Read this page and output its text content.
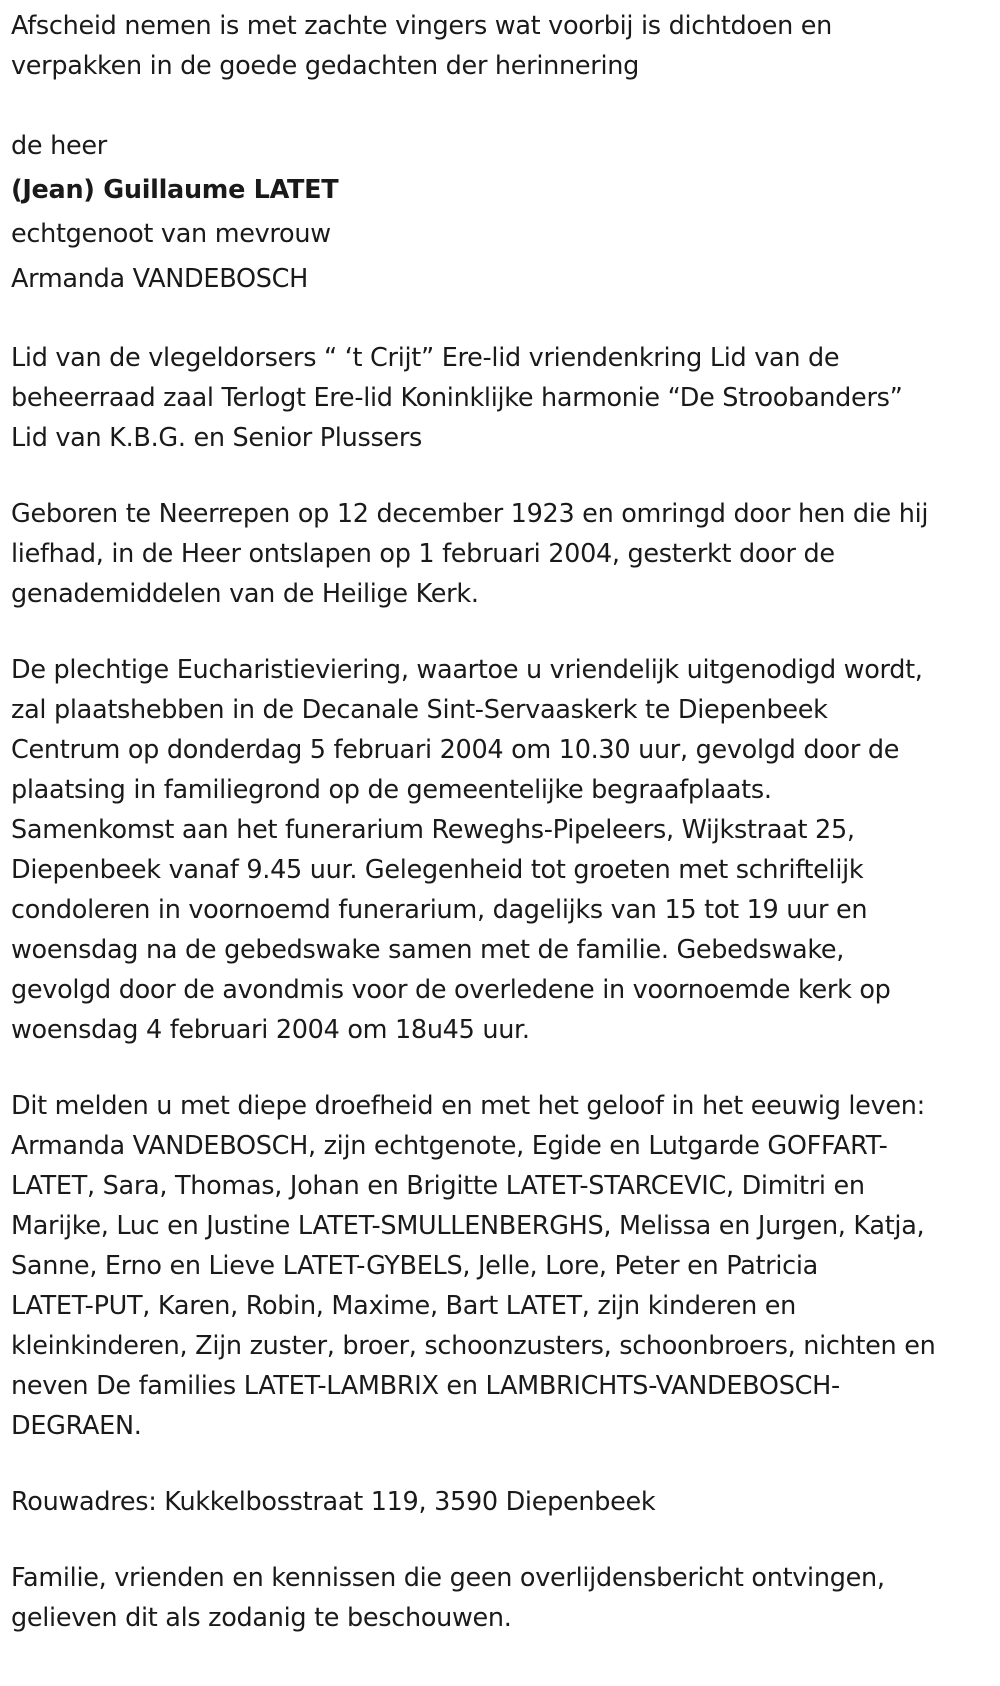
Afscheid nemen is met zachte vingers wat voorbij is dichtdoen en
verpakken in de goede gedachten der herinnering

de heer

(Jean) Guillaume LATET

echtgenoot van mevrouw

Armanda VANDEBOSCH

Lid van de vlegeldorsers “ ‘t Crijt” Ere-lid vriendenkring Lid van de
beheerraad zaal Terlogt Ere-lid Koninklijke harmonie “De Stroobanders”
Lid van K.B.G. en Senior Plussers

Geboren te Neerrepen op 12 december 1923 en omringd door hen die hij
liefhad, in de Heer ontslapen op 1 februari 2004, gesterkt door de
genademiddelen van de Heilige Kerk.

De plechtige Eucharistieviering, waartoe u vriendelijk uitgenodigd wordt,
zal plaatshebben in de Decanale Sint-Servaaskerk te Diepenbeek
Centrum op donderdag 5 februari 2004 om 10.30 uur, gevolgd door de
plaatsing in familiegrond op de gemeentelijke begraafplaats.
Samenkomst aan het funerarium Reweghs-Pipeleers, Wijkstraat 25,
Diepenbeek vanaf 9.45 uur. Gelegenheid tot groeten met schriftelijk
condoleren in voornoemd funerarium, dagelijks van 15 tot 19 uur en
woensdag na de gebedswake samen met de familie. Gebedswake,
gevolgd door de avondmis voor de overledene in voornoemde kerk op
woensdag 4 februari 2004 om 18u45 uur.

Dit melden u met diepe droefheid en met het geloof in het eeuwig leven:
Armanda VANDEBOSCH, zijn echtgenote, Egide en Lutgarde GOFFART-
LATET, Sara, Thomas, Johan en Brigitte LATET-STARCEVIC, Dimitri en
Marijke, Luc en Justine LATET-SMULLENBERGHS, Melissa en Jurgen, Katja,
Sanne, Erno en Lieve LATET-GYBELS, Jelle, Lore, Peter en Patricia
LATET-PUT, Karen, Robin, Maxime, Bart LATET, zijn kinderen en
kleinkinderen, Zijn zuster, broer, schoonzusters, schoonbroers, nichten en
neven De families LATET-LAMBRIX en LAMBRICHTS-VANDEBOSCH-
DEGRAEN.

Rouwadres: Kukkelbosstraat 119, 3590 Diepenbeek

Familie, vrienden en kennissen die geen overlijdensbericht ontvingen,
gelieven dit als zodanig te beschouwen.
